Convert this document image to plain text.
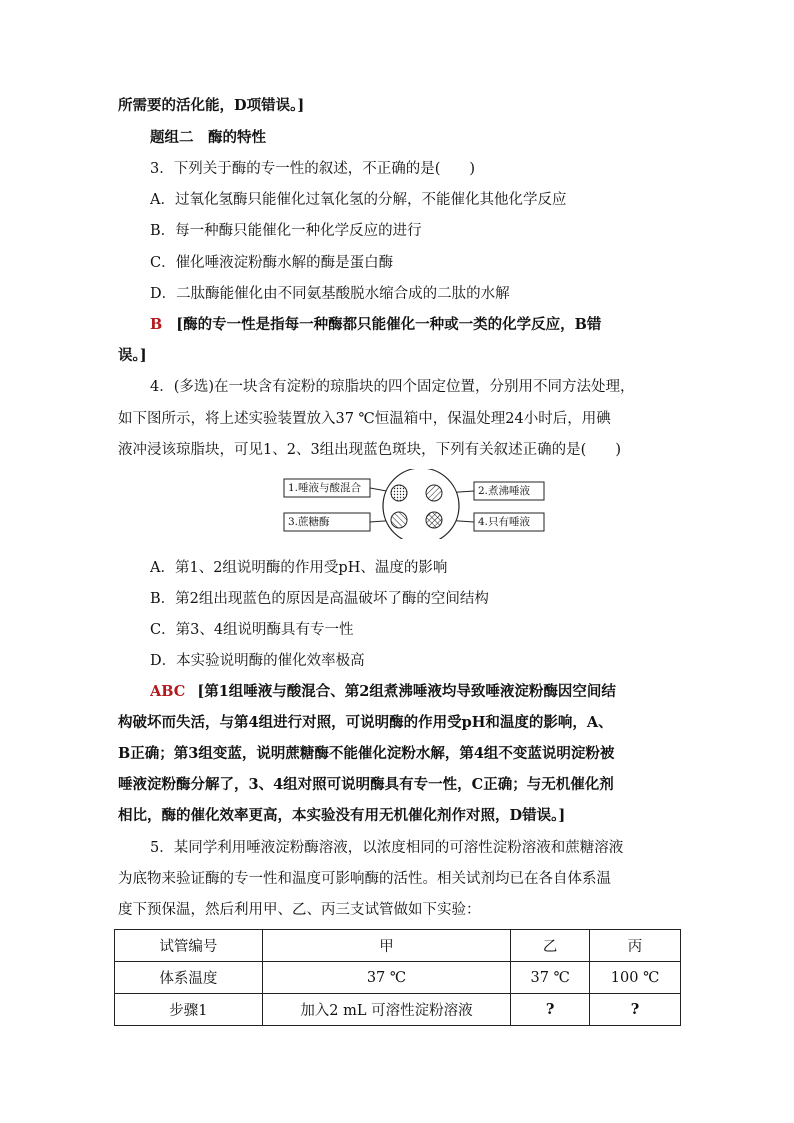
所需要的活化能，D项错误。]
题组二　酶的特性
3．下列关于酶的专一性的叙述，不正确的是(　　)
A．过氧化氢酶只能催化过氧化氢的分解，不能催化其他化学反应
B．每一种酶只能催化一种化学反应的进行
C．催化唾液淀粉酶水解的酶是蛋白酶
D．二肽酶能催化由不同氨基酸脱水缩合成的二肽的水解
B [酶的专一性是指每一种酶都只能催化一种或一类的化学反应，B错
误。]
4．(多选)在一块含有淀粉的琼脂块的四个固定位置，分别用不同方法处理，
如下图所示，将上述实验装置放入37 ℃恒温箱中，保温处理24小时后，用碘
液冲浸该琼脂块，可见1、2、3组出现蓝色斑块，下列有关叙述正确的是(　　)
1.唾液与酸混合	2.煮沸唾液
3.蔗糖酶	4.只有唾液
A．第1、2组说明酶的作用受pH、温度的影响
B．第2组出现蓝色的原因是高温破坏了酶的空间结构
C．第3、4组说明酶具有专一性
D．本实验说明酶的催化效率极高
ABC [第1组唾液与酸混合、第2组煮沸唾液均导致唾液淀粉酶因空间结
构破坏而失活，与第4组进行对照，可说明酶的作用受pH和温度的影响，A、
B正确；第3组变蓝，说明蔗糖酶不能催化淀粉水解，第4组不变蓝说明淀粉被
唾液淀粉酶分解了，3、4组对照可说明酶具有专一性，C正确；与无机催化剂
相比，酶的催化效率更高，本实验没有用无机催化剂作对照，D错误。]
5．某同学利用唾液淀粉酶溶液，以浓度相同的可溶性淀粉溶液和蔗糖溶液
为底物来验证酶的专一性和温度可影响酶的活性。相关试剂均已在各自体系温
度下预保温，然后利用甲、乙、丙三支试管做如下实验：
试管编号	甲	乙	丙
体系温度	37 ℃	37 ℃	100 ℃
步骤1	加入2 mL 可溶性淀粉溶液	?	?
